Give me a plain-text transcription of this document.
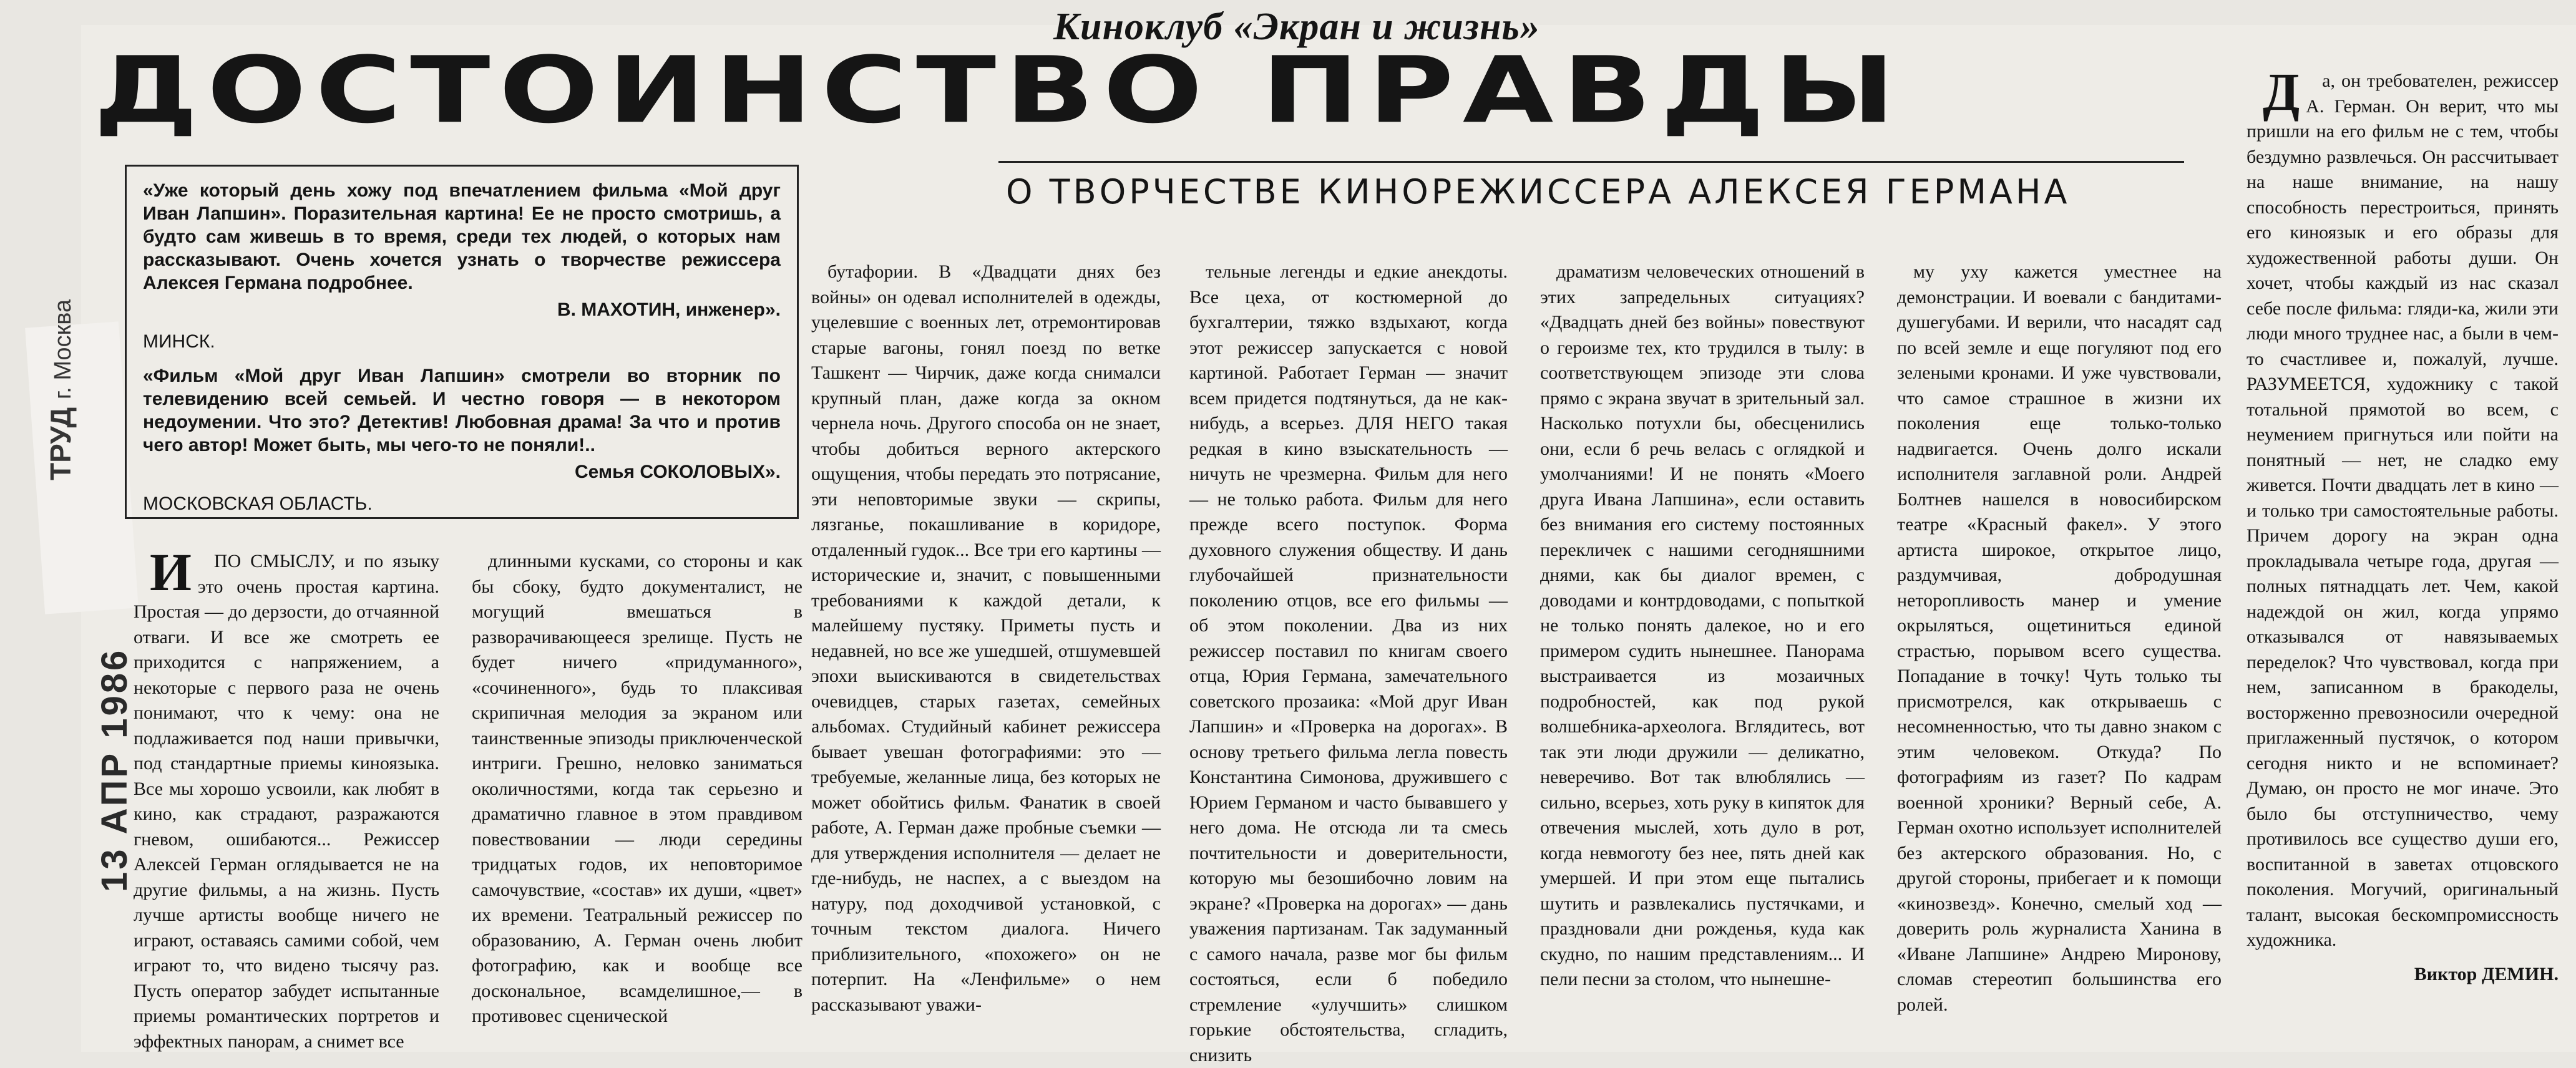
ТРУД г. Москва
13 АПР 1986
Киноклуб «Экран и жизнь»
ДОСТОИНСТВО ПРАВДЫ
О ТВОРЧЕСТВЕ КИНОРЕЖИССЕРА АЛЕКСЕЯ ГЕРМАНА

«Уже который день хожу под впечатлением фильма «Мой друг Иван Лапшин». Поразительная картина! Ее не просто смотришь, а будто сам живешь в то время, среди тех людей, о которых нам рассказывают. Очень хочется узнать о творчестве режиссера Алексея Германа подробнее.

В. МАХОТИН, инженер».

МИНСК.

«Фильм «Мой друг Иван Лапшин» смотрели во вторник по телевидению всей семьей. И честно говоря — в некотором недоумении. Что это? Детектив! Любовная драма! За что и против чего автор! Может быть, мы чего-то не поняли!..

Семья СОКОЛОВЫХ».

МОСКОВСКАЯ ОБЛАСТЬ.

ИПО СМЫСЛУ, и по языку это очень простая картина. Простая — до дерзости, до отчаянной отваги. И все же смотреть ее приходится с напряжением, а некоторые с первого раза не очень понимают, что к чему: она не подлаживается под наши привычки, под стандартные приемы киноязыка. Все мы хорошо усвоили, как любят в кино, как страдают, разражаются гневом, ошибаются... Режиссер Алексей Герман оглядывается не на другие фильмы, а на жизнь. Пусть лучше артисты вообще ничего не играют, оставаясь самими собой, чем играют то, что видено тысячу раз. Пусть оператор забудет испытанные приемы романтических портретов и эффектных панорам, а снимет все

длинными кусками, со стороны и как бы сбоку, будто документалист, не могущий вмешаться в разворачивающееся зрелище. Пусть не будет ничего «придуманного», «сочиненного», будь то плаксивая скрипичная мелодия за экраном или таинственные эпизоды приключенческой интриги. Грешно, неловко заниматься околичностями, когда так серьезно и драматично главное в этом правдивом повествовании — люди середины тридцатых годов, их неповторимое самочувствие, «состав» их души, «цвет» их времени. Театральный режиссер по образованию, А. Герман очень любит фотографию, как и вообще все доскональное, всамделишное,— в противовес сценической

бутафории. В «Двадцати днях без войны» он одевал исполнителей в одежды, уцелевшие с военных лет, отремонтировав старые вагоны, гонял поезд по ветке Ташкент — Чирчик, даже когда снималси крупный план, даже когда за окном чернела ночь. Другого способа он не знает, чтобы добиться верного актерского ощущения, чтобы передать это потрясание, эти неповторимые звуки — скрипы, лязганье, покашливание в коридоре, отдаленный гудок... Все три его картины — исторические и, значит, с повышенными требованиями к каждой детали, к малейшему пустяку. Приметы пусть и недавней, но все же ушедшей, отшумевшей эпохи выискиваются в свидетельствах очевидцев, старых газетах, семейных альбомах. Студийный кабинет режиссера бывает увешан фотографиями: это — требуемые, желанные лица, без которых не может обойтись фильм. Фанатик в своей работе, А. Герман даже пробные съемки — для утверждения исполнителя — делает не где-нибудь, не наспех, а с выездом на натуру, под доходчивой установкой, с точным текстом диалога. Ничего приблизительного, «похожего» он не потерпит. На «Ленфильме» о нем рассказывают уважи-

тельные легенды и едкие анекдоты. Все цеха, от костюмерной до бухгалтерии, тяжко вздыхают, когда этот режиссер запускается с новой картиной. Работает Герман — значит всем придется подтянуться, да не как-нибудь, а всерьез. ДЛЯ НЕГО такая редкая в кино взыскательность — ничуть не чрезмерна. Фильм для него — не только работа. Фильм для него прежде всего поступок. Форма духовного служения обществу. И дань глубочайшей признательности поколению отцов, все его фильмы — об этом поколении. Два из них режиссер поставил по книгам своего отца, Юрия Германа, замечательного советского прозаика: «Мой друг Иван Лапшин» и «Проверка на дорогах». В основу третьего фильма легла повесть Константина Симонова, дружившего с Юрием Германом и часто бывавшего у него дома. Не отсюда ли та смесь почтительности и доверительности, которую мы безошибочно ловим на экране? «Проверка на дорогах» — дань уважения партизанам. Так задуманный с самого начала, разве мог бы фильм состояться, если б победило стремление «улучшить» слишком горькие обстоятельства, сгладить, снизить

драматизм человеческих отношений в этих запредельных ситуациях? «Двадцать дней без войны» повествуют о героизме тех, кто трудился в тылу: в соответствующем эпизоде эти слова прямо с экрана звучат в зрительный зал. Насколько потухли бы, обесценились они, если б речь велась с оглядкой и умолчаниями! И не понять «Моего друга Ивана Лапшина», если оставить без внимания его систему постоянных перекличек с нашими сегодняшними днями, как бы диалог времен, с доводами и контрдоводами, с попыткой не только понять далекое, но и его примером судить нынешнее. Панорама выстраивается из мозаичных подробностей, как под рукой волшебника-археолога. Вглядитесь, вот так эти люди дружили — деликатно, неверечиво. Вот так влюблялись — сильно, всерьез, хоть руку в кипяток для отвечения мыслей, хоть дуло в рот, когда невмоготу без нее, пять дней как умершей. И при этом еще пытались шутить и развлекались пустячками, и праздновали дни рожденья, куда как скудно, по нашим представлениям... И пели песни за столом, что нынешне-

му уху кажется уместнее на демонстрации. И воевали с бандитами-душегубами. И верили, что насадят сад по всей земле и еще погуляют под его зелеными кронами. И уже чувствовали, что самое страшное в жизни их поколения еще только-только надвигается. Очень долго искали исполнителя заглавной роли. Андрей Болтнев нашелся в новосибирском театре «Красный факел». У этого артиста широкое, открытое лицо, раздумчивая, добродушная неторопливость манер и умение окрыляться, ощетиниться единой страстью, порывом всего существа. Попадание в точку! Чуть только ты присмотрелся, как открываешь с несомненностью, что ты давно знаком с этим человеком. Откуда? По фотографиям из газет? По кадрам военной хроники? Верный себе, А. Герман охотно использует исполнителей без актерского образования. Но, с другой стороны, прибегает и к помощи «кинозвезд». Конечно, смелый ход — доверить роль журналиста Ханина в «Иване Лапшине» Андрею Миронову, сломав стереотип большинства его ролей.

Да, он требователен, режиссер А. Герман. Он верит, что мы пришли на его фильм не с тем, чтобы бездумно развлечься. Он рассчитывает на наше внимание, на нашу способность перестроиться, принять его киноязык и его образы для художественной работы души. Он хочет, чтобы каждый из нас сказал себе после фильма: гляди-ка, жили эти люди много труднее нас, а были в чем-то счастливее и, пожалуй, лучше. РАЗУМЕЕТСЯ, художнику с такой тотальной прямотой во всем, с неумением пригнуться или пойти на понятный — нет, не сладко ему живется. Почти двадцать лет в кино — и только три самостоятельные работы. Причем дорогу на экран одна прокладывала четыре года, другая — полных пятнадцать лет. Чем, какой надеждой он жил, когда упрямо отказывался от навязываемых переделок? Что чувствовал, когда при нем, записанном в бракоделы, восторженно превозносили очередной приглаженный пустячок, о котором сегодня никто и не вспоминает? Думаю, он просто не мог иначе. Это было бы отступничество, чему противилось все существо души его, воспитанной в заветах отцовского поколения. Могучий, оригинальный талант, высокая бескомпромиссность художника.

Виктор ДЕМИН.
